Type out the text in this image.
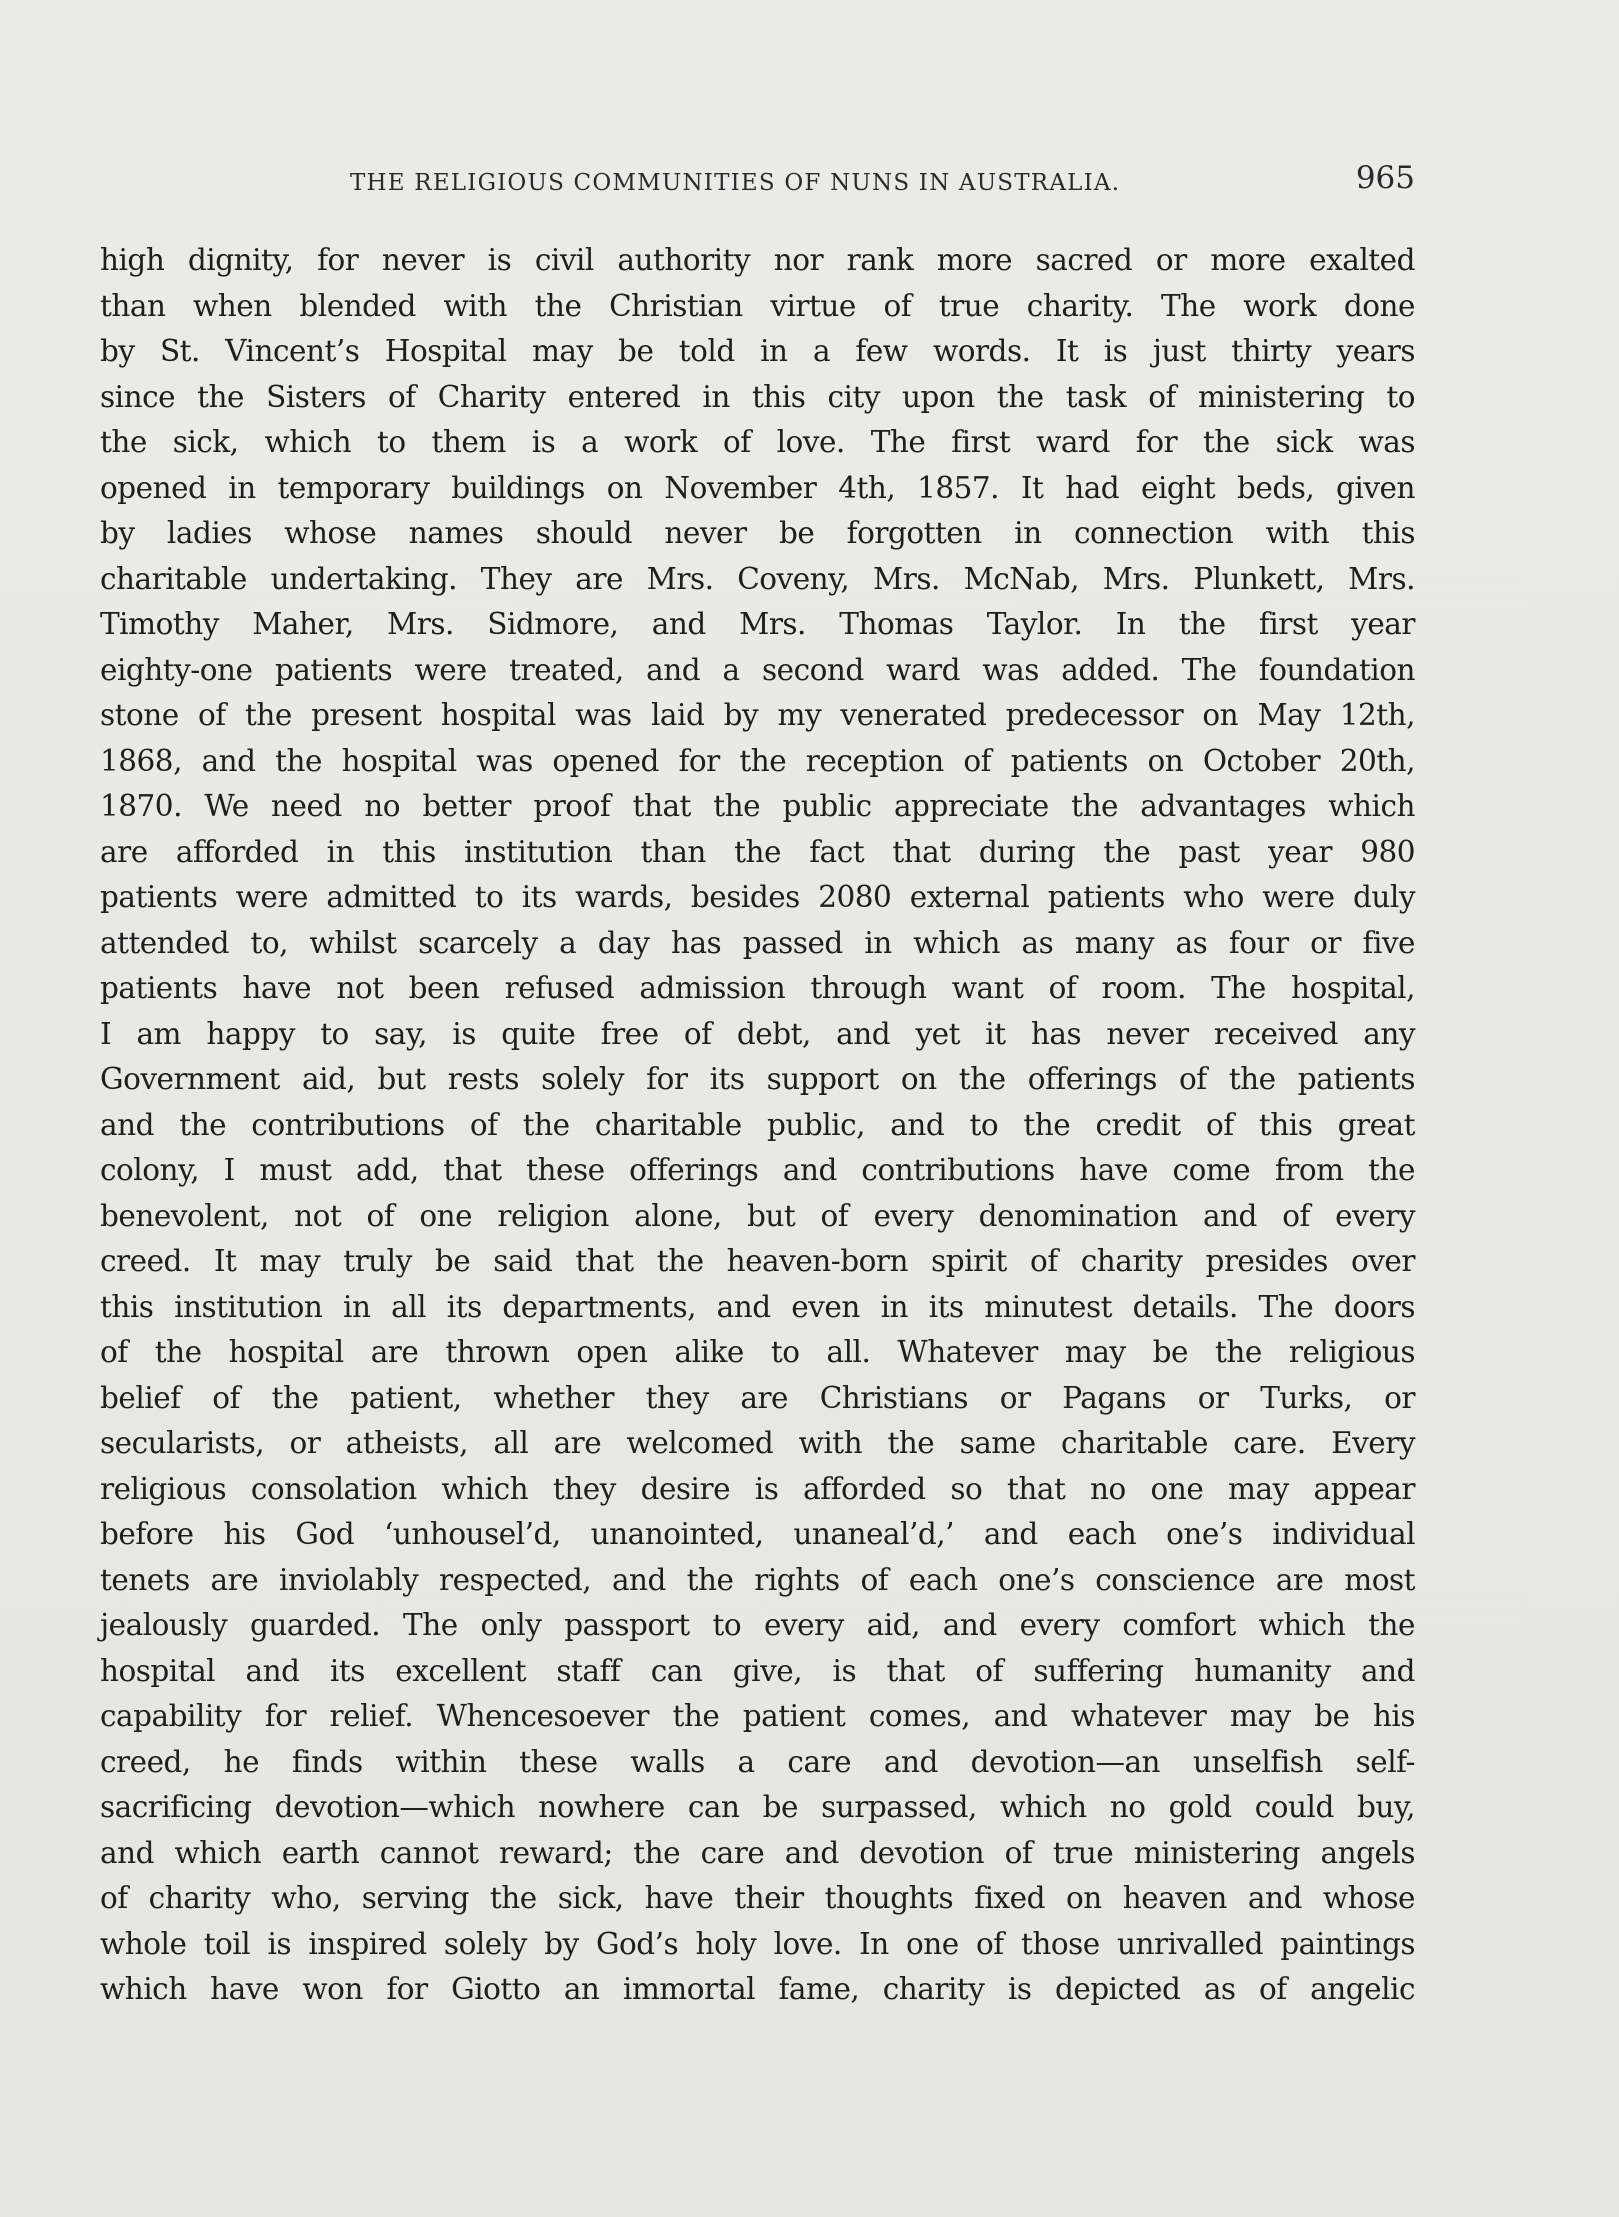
THE RELIGIOUS COMMUNITIES OF NUNS IN AUSTRALIA.	965
high dignity, for never is civil authority nor rank more sacred or more exalted
than when blended with the Christian virtue of true charity. The work done
by St. Vincent’s Hospital may be told in a few words. It is just thirty years
since the Sisters of Charity entered in this city upon the task of ministering to
the sick, which to them is a work of love. The first ward for the sick was
opened in temporary buildings on November 4th, 1857. It had eight beds, given
by ladies whose names should never be forgotten in connection with this
charitable undertaking. They are Mrs. Coveny, Mrs. McNab, Mrs. Plunkett, Mrs.
Timothy Maher, Mrs. Sidmore, and Mrs. Thomas Taylor. In the first year
eighty-one patients were treated, and a second ward was added. The foundation
stone of the present hospital was laid by my venerated predecessor on May 12th,
1868, and the hospital was opened for the reception of patients on October 20th,
1870. We need no better proof that the public appreciate the advantages which
are afforded in this institution than the fact that during the past year 980
patients were admitted to its wards, besides 2080 external patients who were duly
attended to, whilst scarcely a day has passed in which as many as four or five
patients have not been refused admission through want of room. The hospital,
I am happy to say, is quite free of debt, and yet it has never received any
Government aid, but rests solely for its support on the offerings of the patients
and the contributions of the charitable public, and to the credit of this great
colony, I must add, that these offerings and contributions have come from the
benevolent, not of one religion alone, but of every denomination and of every
creed. It may truly be said that the heaven-born spirit of charity presides over
this institution in all its departments, and even in its minutest details. The doors
of the hospital are thrown open alike to all. Whatever may be the religious
belief of the patient, whether they are Christians or Pagans or Turks, or
secularists, or atheists, all are welcomed with the same charitable care. Every
religious consolation which they desire is afforded so that no one may appear
before his God ‘unhousel’d, unanointed, unaneal’d,’ and each one’s individual
tenets are inviolably respected, and the rights of each one’s conscience are most
jealously guarded. The only passport to every aid, and every comfort which the
hospital and its excellent staff can give, is that of suffering humanity and
capability for relief. Whencesoever the patient comes, and whatever may be his
creed, he finds within these walls a care and devotion—an unselfish self-
sacrificing devotion—which nowhere can be surpassed, which no gold could buy,
and which earth cannot reward; the care and devotion of true ministering angels
of charity who, serving the sick, have their thoughts fixed on heaven and whose
whole toil is inspired solely by God’s holy love. In one of those unrivalled paintings
which have won for Giotto an immortal fame, charity is depicted as of angelic
